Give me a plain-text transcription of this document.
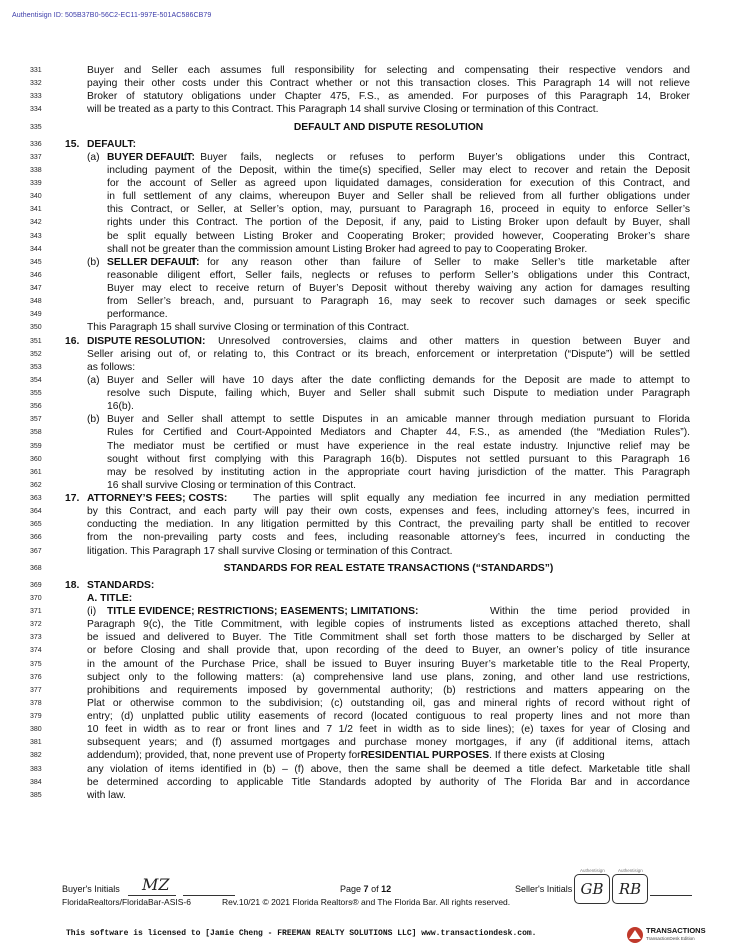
Authentisign ID: 505B37B0-56C2-EC11-997E-501AC586CB79
331	Buyer and Seller each assumes full responsibility for selecting and compensating their respective vendors and
332	paying their other costs under this Contract whether or not this transaction closes. This Paragraph 14 will not relieve
333	Broker of statutory obligations under Chapter 475, F.S., as amended. For purposes of this Paragraph 14, Broker
334	will be treated as a party to this Contract. This Paragraph 14 shall survive Closing or termination of this Contract.
335	DEFAULT AND DISPUTE RESOLUTION
336 15. DEFAULT:
337	(a) BUYER DEFAULT:
If Buyer fails, neglects or refuses to perform Buyer’s obligations under this Contract,
338	including payment of the Deposit, within the time(s) specified, Seller may elect to recover and retain the Deposit
339	for the account of Seller as agreed upon liquidated damages, consideration for execution of this Contract, and
340	in full settlement of any claims, whereupon Buyer and Seller shall be relieved from all further obligations under
341	this Contract, or Seller, at Seller’s option, may, pursuant to Paragraph 16, proceed in equity to enforce Seller’s
342	rights under this Contract. The portion of the Deposit, if any, paid to Listing Broker upon default by Buyer, shall
343	be split equally between Listing Broker and Cooperating Broker; provided however, Cooperating Broker’s share
344	shall not be greater than the commission amount Listing Broker had agreed to pay to Cooperating Broker.
345	(b) SELLER DEFAULT:
If for any reason other than failure of Seller to make Seller’s title marketable after
346	reasonable diligent effort, Seller fails, neglects or refuses to perform Seller’s obligations under this Contract,
347	Buyer may elect to receive return of Buyer’s Deposit without thereby waiving any action for damages resulting
348	from Seller’s breach, and, pursuant to Paragraph 16, may seek to recover such damages or seek specific
349	performance.
350	This Paragraph 15 shall survive Closing or termination of this Contract.
351 16. DISPUTE RESOLUTION: Unresolved controversies, claims and other matters in question between Buyer and
352	Seller arising out of, or relating to, this Contract or its breach, enforcement or interpretation (“Dispute”) will be settled
353	as follows:
354	(a) Buyer and Seller will have 10 days after the date conflicting demands for the Deposit are made to attempt to
355	resolve such Dispute, failing which, Buyer and Seller shall submit such Dispute to mediation under Paragraph
356	16(b).
357	(b) Buyer and Seller shall attempt to settle Disputes in an amicable manner through mediation pursuant to Florida
358	Rules for Certified and Court-Appointed Mediators and Chapter 44, F.S., as amended (the “Mediation Rules”).
359	The mediator must be certified or must have experience in the real estate industry. Injunctive relief may be
360	sought without first complying with this Paragraph 16(b). Disputes not settled pursuant to this Paragraph 16
361	may be resolved by instituting action in the appropriate court having jurisdiction of the matter. This Paragraph
362	16 shall survive Closing or termination of this Contract.
363 17. ATTORNEY’S FEES; COSTS: The parties will split equally any mediation fee incurred in any mediation permitted
364	by this Contract, and each party will pay their own costs, expenses and fees, including attorney’s fees, incurred in
365	conducting the mediation. In any litigation permitted by this Contract, the prevailing party shall be entitled to recover
366	from the non-prevailing party costs and fees, including reasonable attorney’s fees, incurred in conducting the
367	litigation. This Paragraph 17 shall survive Closing or termination of this Contract.
368	STANDARDS FOR REAL ESTATE TRANSACTIONS (“STANDARDS”)
369 18. STANDARDS:
370	A. TITLE:
371	(i) TITLE EVIDENCE; RESTRICTIONS; EASEMENTS; LIMITATIONS:	Within the time period provided in
372	Paragraph 9(c), the Title Commitment, with legible copies of instruments listed as exceptions attached thereto, shall
373	be issued and delivered to Buyer. The Title Commitment shall set forth those matters to be discharged by Seller at
374	or before Closing and shall provide that, upon recording of the deed to Buyer, an owner’s policy of title insurance
375	in the amount of the Purchase Price, shall be issued to Buyer insuring Buyer’s marketable title to the Real Property,
376	subject only to the following matters: (a) comprehensive land use plans, zoning, and other land use restrictions,
377	prohibitions and requirements imposed by governmental authority; (b) restrictions and matters appearing on the
378	Plat or otherwise common to the subdivision; (c) outstanding oil, gas and mineral rights of record without right of
379	entry; (d) unplatted public utility easements of record (located contiguous to real property lines and not more than
380	10 feet in width as to rear or front lines and 7 1/2 feet in width as to side lines); (e) taxes for year of Closing and
381	subsequent years; and (f) assumed mortgages and purchase money mortgages, if any (if additional items, attach
382	addendum); provided, that, none prevent use of Property forRESIDENTIAL PURPOSES. If there exists at Closing
383	any violation of items identified in (b) – (f) above, then the same shall be deemed a title defect. Marketable title shall
384	be determined according to applicable Title Standards adopted by authority of The Florida Bar and in accordance
385	with law.
Buyer's Initials MZ	Page 7 of 12	Seller's Initials
Authentisign
GB
Authentisign
RB
FloridaRealtors/FloridaBar-ASIS-6	Rev.10/21 © 2021 Florida Realtors® and The Florida Bar. All rights reserved.
This software is licensed to [Jamie Cheng - FREEMAN REALTY SOLUTIONS LLC] www.transactiondesk.com.	TRANSACTIONS
TransactionDesk Edition
